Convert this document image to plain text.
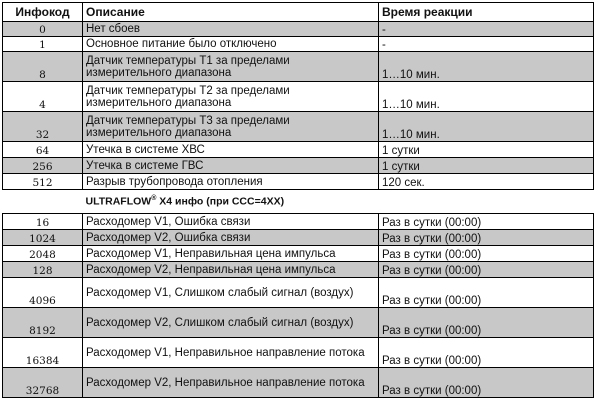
Инфокод	Описание	Время реакции
0	Нет сбоев	-
1	Основное питание было отключено	-
8	Датчик температуры T1 за пределами измерительного диапазона	1…10 мин.
4	Датчик температуры T2 за пределами измерительного диапазона	1…10 мин.
32	Датчик температуры T3 за пределами измерительного диапазона	1…10 мин.
64	Утечка в системе ХВС	1 сутки
256	Утечка в системе ГВС	1 сутки
512	Разрыв трубопровода отопления	120 сек.
	ULTRAFLOW® X4 инфо (при ССС=4XX)	
16	Расходомер V1, Ошибка связи	Раз в сутки (00:00)
1024	Расходомер V2, Ошибка связи	Раз в сутки (00:00)
2048	Расходомер V1, Неправильная цена импульса	Раз в сутки (00:00)
128	Расходомер V2, Неправильная цена импульса	Раз в сутки (00:00)
4096	Расходомер V1, Слишком слабый сигнал (воздух)	Раз в сутки (00:00)
8192	Расходомер V2, Слишком слабый сигнал (воздух)	Раз в сутки (00:00)
16384	Расходомер V1, Неправильное направление потока	Раз в сутки (00:00)
32768	Расходомер V2, Неправильное направление потока	Раз в сутки (00:00)
